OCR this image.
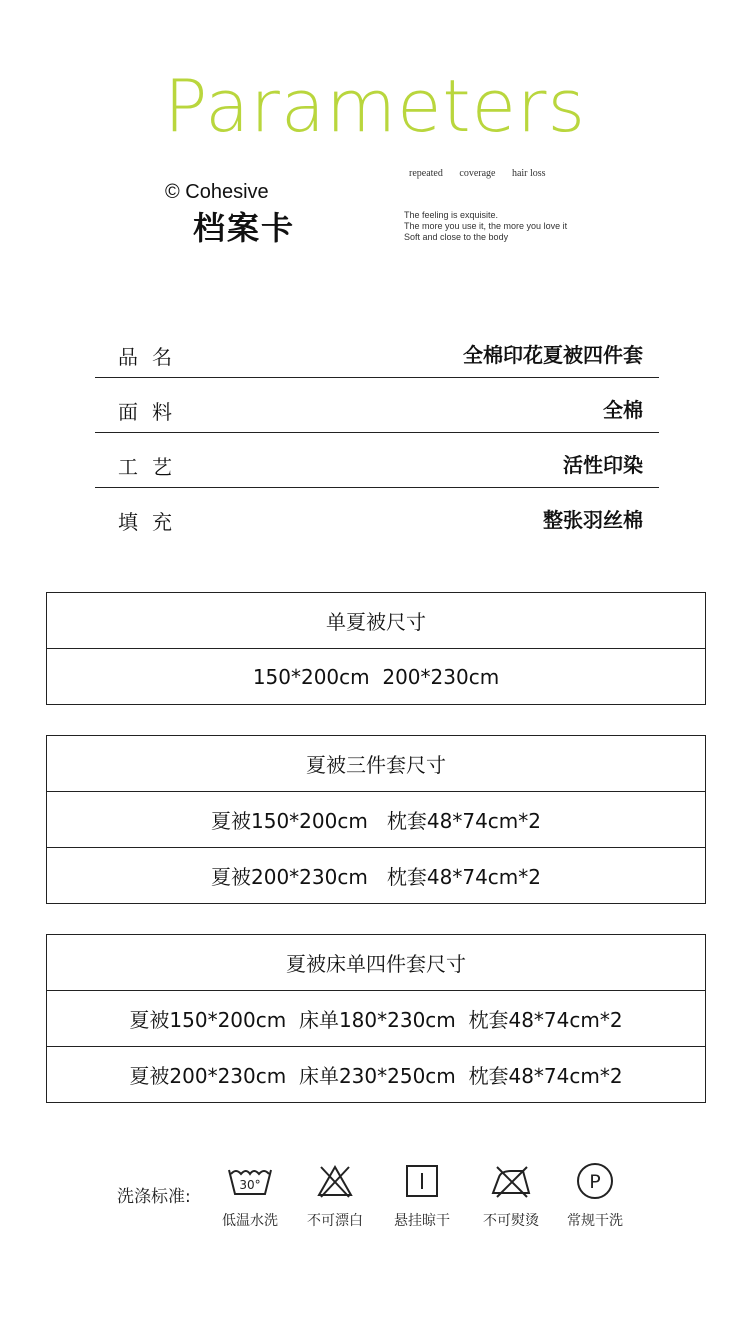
Parameters
© Cohesive
档案卡
repeated coverage hair loss
The feeling is exquisite.
The more you use it, the more you love it
Soft and close to the body
品名	全棉印花夏被四件套
面料	全棉
工艺	活性印染
填充	整张羽丝棉
单夏被尺寸
150*200cm  200*230cm
夏被三件套尺寸
夏被150*200cm   枕套48*74cm*2
夏被200*230cm   枕套48*74cm*2
夏被床单四件套尺寸
夏被150*200cm  床单180*230cm  枕套48*74cm*2
夏被200*230cm  床单230*250cm  枕套48*74cm*2
洗涤标准:
30°
低温水洗	不可漂白	悬挂晾干	不可熨烫
P
常规干洗
